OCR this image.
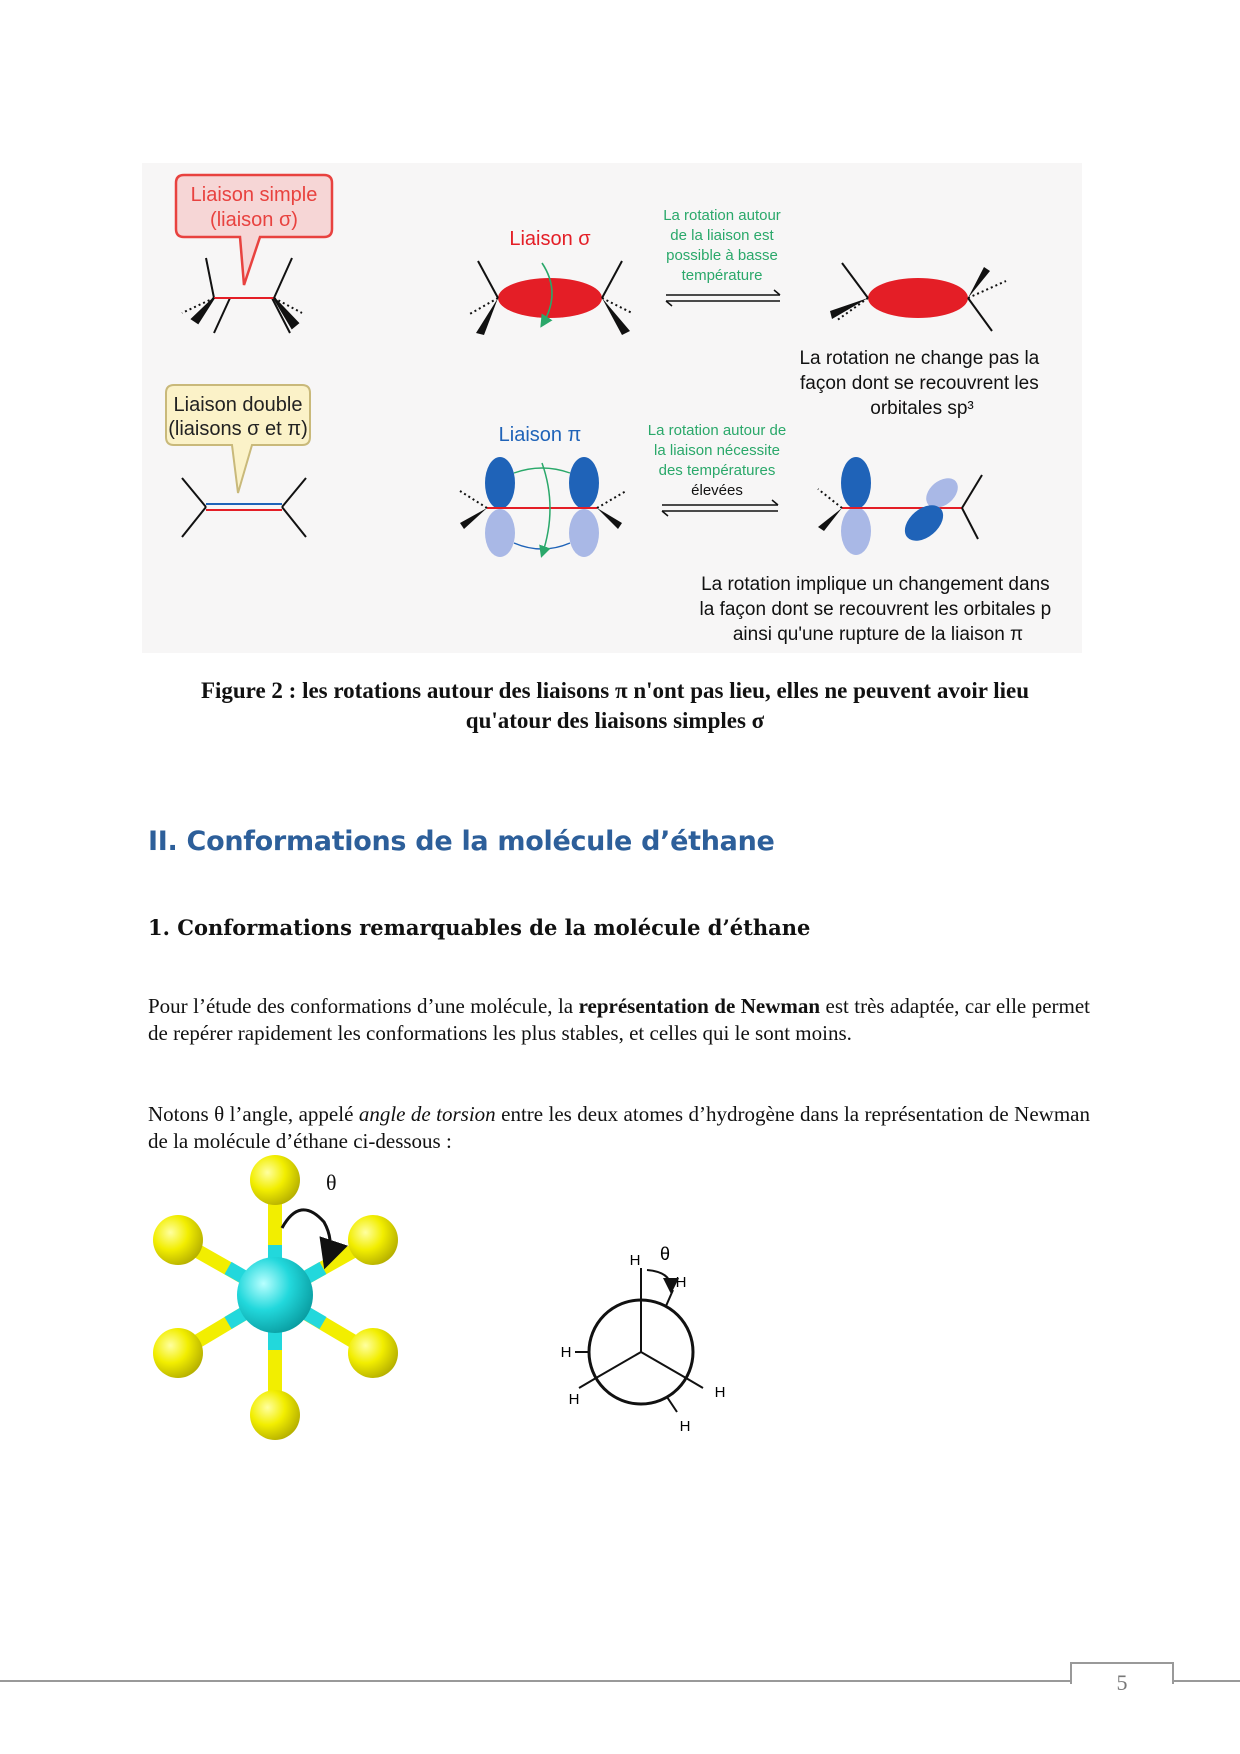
Liaison simple
(liaison σ)
Liaison double
(liaisons σ et π)
Liaison σ
La rotation autour
de la liaison est
possible à basse
température
La rotation ne change pas la façon dont se recouvrent les orbitales sp³
Liaison π	La rotation autour de
la liaison nécessite
des températures
élevées
La rotation implique un changement dans la façon dont se recouvrent les orbitales p ainsi qu'une rupture de la liaison π
Figure 2 : les rotations autour des liaisons π n'ont pas lieu, elles ne peuvent avoir lieu
qu'atour des liaisons simples σ
II. Conformations de la molécule d’éthane
1. Conformations remarquables de la molécule d’éthane
Pour l’étude des conformations d’une molécule, la représentation de Newman est très adaptée, car elle permet de repérer rapidement les conformations les plus stables, et celles qui le sont moins.
Notons θ l’angle, appelé angle de torsion entre les deux atomes d’hydrogène dans la représentation de Newman de la molécule d’éthane ci-dessous :
θ
H
H
H
H	H
H
θ
5
